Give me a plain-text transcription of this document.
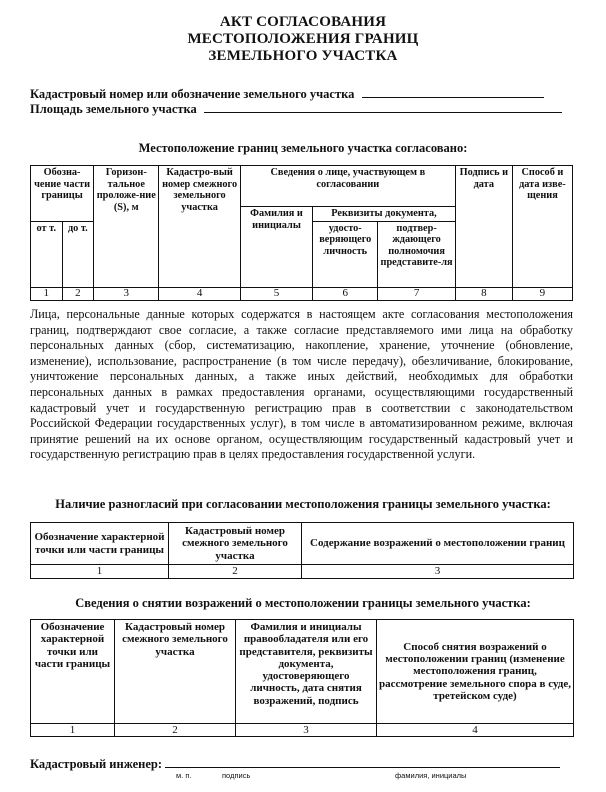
АКТ СОГЛАСОВАНИЯ
МЕСТОПОЛОЖЕНИЯ ГРАНИЦ
ЗЕМЕЛЬНОГО УЧАСТКА
Кадастровый номер или обозначение земельного участка
Площадь земельного участка
Местоположение границ земельного участка согласовано:
Обозна-чение части границы		Горизон-тальное проложе-ние (S), м	Кадастро-вый номер смежного земельного участка	Сведения о лице, участвующем в согласовании			Подпись и дата	Способ и дата изве-щения
				Фамилия и инициалы	Реквизиты документа,			
от т.	до т.				удосто-веряющего личность	подтвер-ждающего полномочия представите-ля		
1	2	3	4	5	6	7	8	9
Лица, персональные данные которых содержатся в настоящем акте согласования местоположения границ, подтверждают свое согласие, а также согласие представляемого ими лица на обработку персональных данных (сбор, систематизацию, накопление, хранение, уточнение (обновление, изменение), использование, распространение (в том числе передачу), обезличивание, блокирование, уничтожение персональных данных, а также иных действий, необходимых для обработки персональных данных в рамках предоставления органами, осуществляющими государственный кадастровый учет и государственную регистрацию прав в соответствии с законодательством Российской Федерации государственных услуг), в том числе в автоматизированном режиме, включая принятие решений на их основе органом, осуществляющим государственный кадастровый учет и государственную регистрацию прав в целях предоставления государственной услуги.
Наличие разногласий при согласовании местоположения границы земельного участка:
Обозначение характерной точки или части границы	Кадастровый номер смежного земельного участка	Содержание возражений о местоположении границ
1	2	3
Сведения о снятии возражений о местоположении границы земельного участка:
Обозначение характерной точки или части границы	Кадастровый номер смежного земельного участка	Фамилия и инициалы правообладателя или его представителя, реквизиты документа, удостоверяющего личность, дата снятия возражений, подпись	Способ снятия возражений о местоположении границ (изменение местоположения границ, рассмотрение земельного спора в суде, третейском суде)
1	2	3	4
Кадастровый инженер:
м. п.	подпись	фамилия, инициалы
